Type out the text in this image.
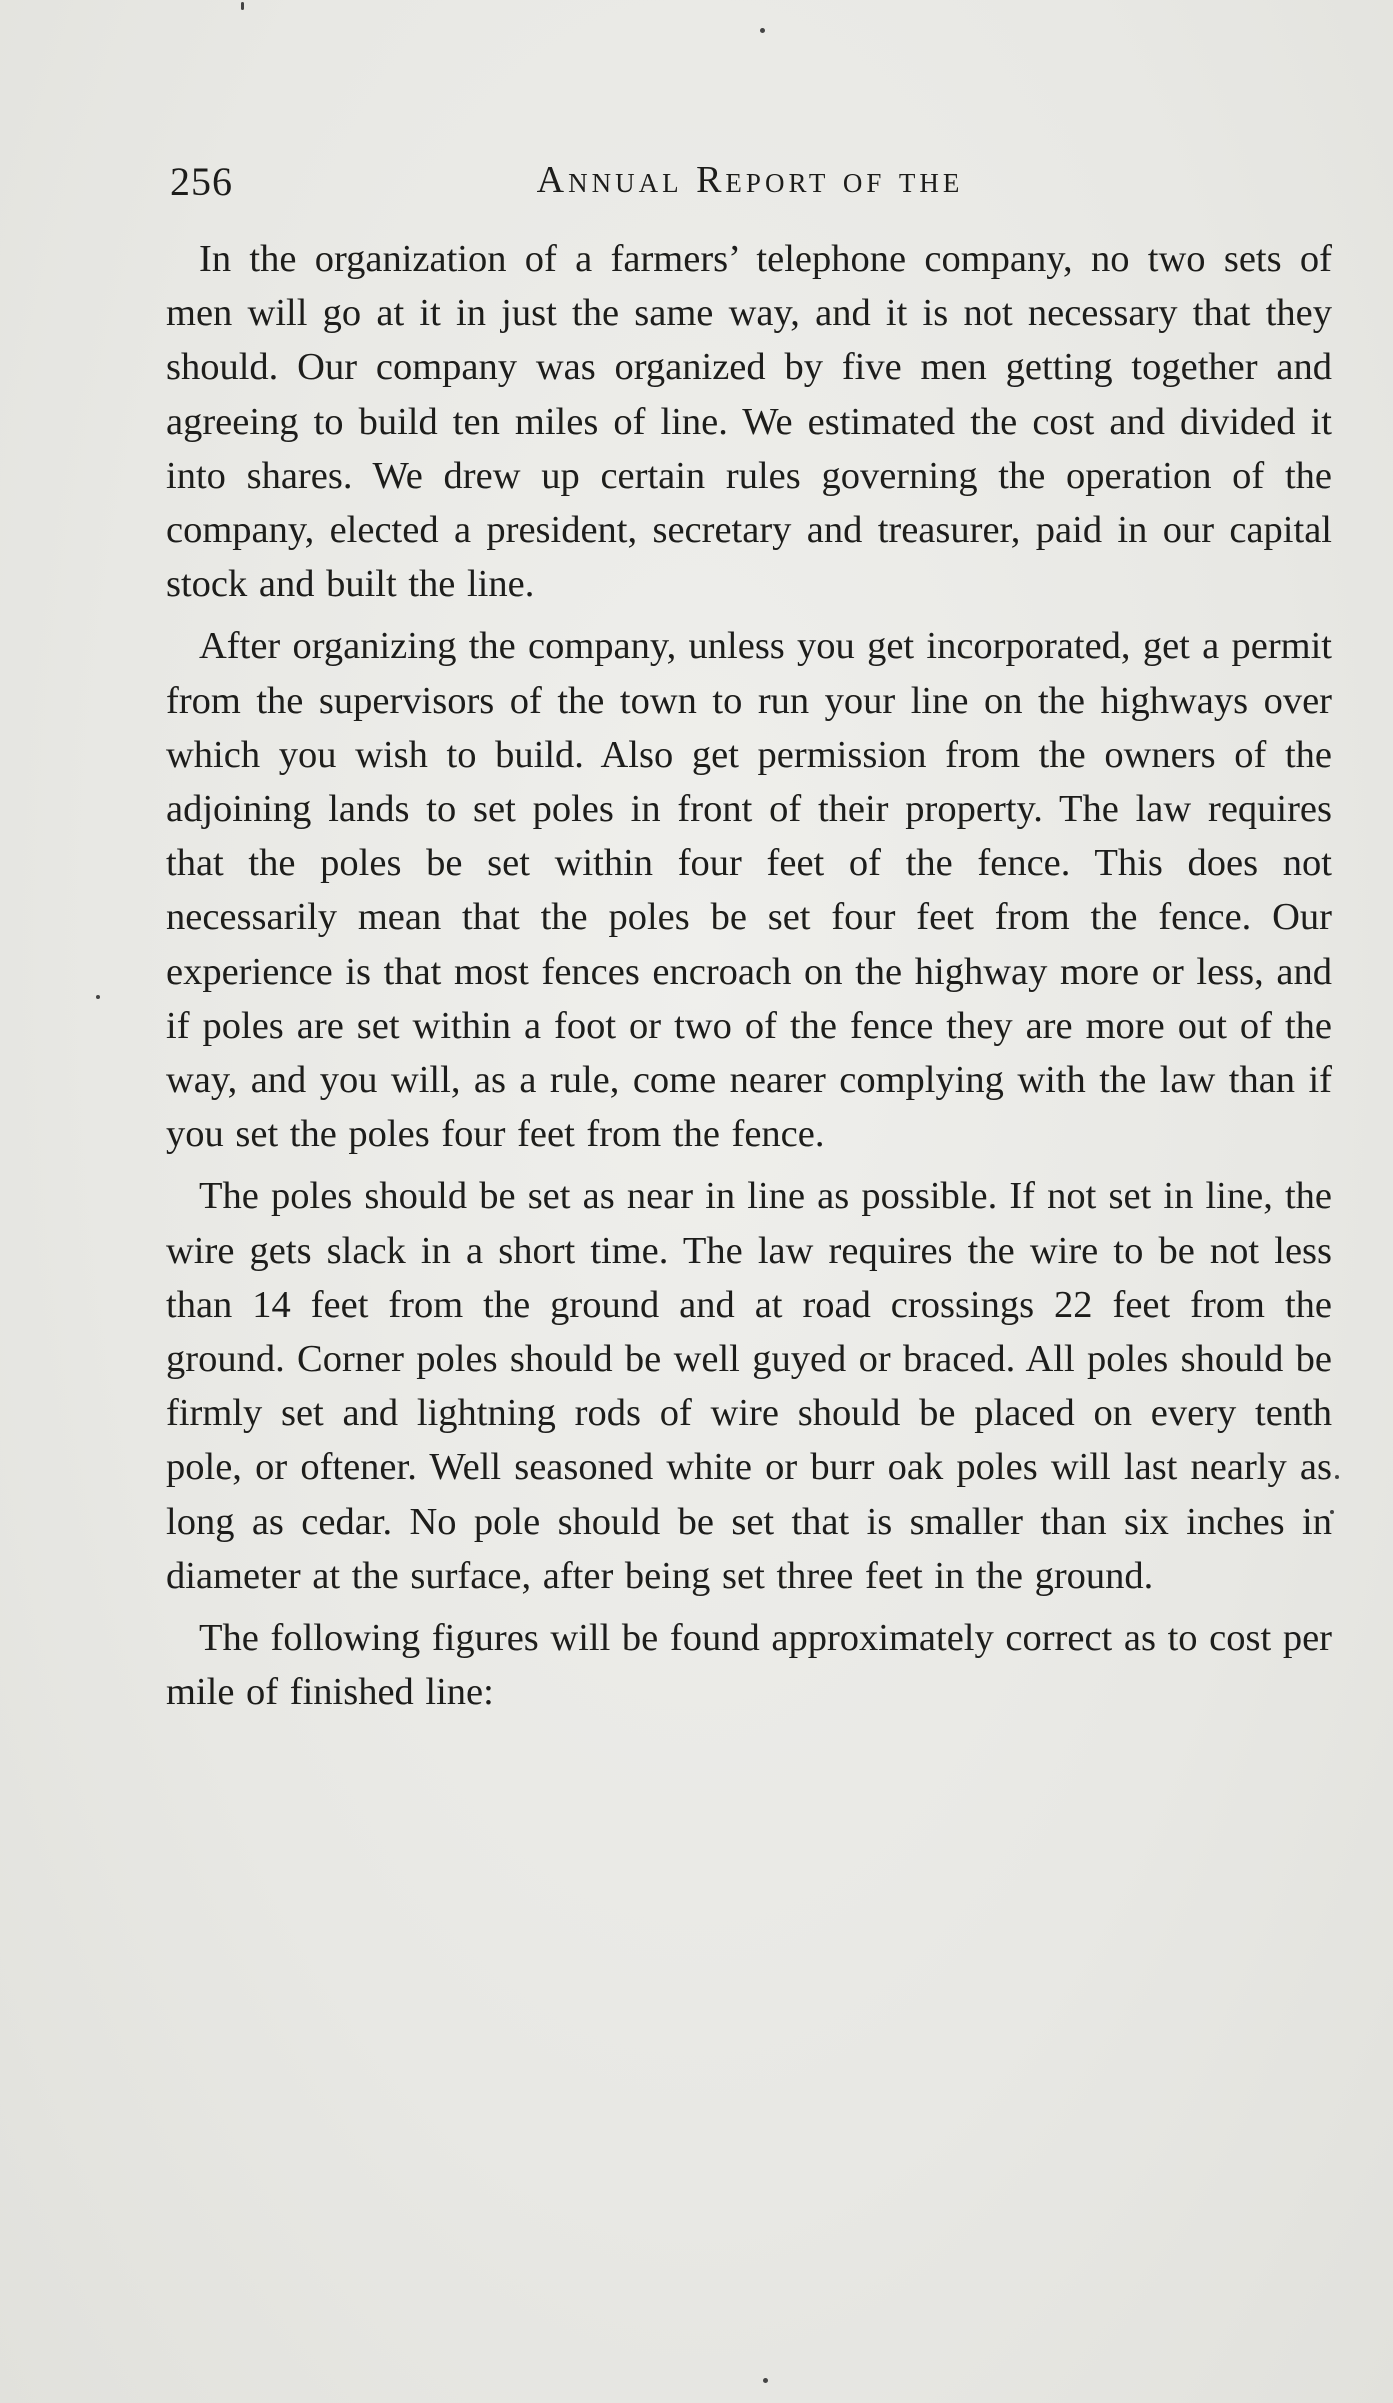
256	Annual Report of the

In the organization of a farmers’ telephone company, no two sets of men will go at it in just the same way, and it is not necessary that they should. Our company was organized by five men getting together and agreeing to build ten miles of line. We estimated the cost and divided it into shares. We drew up certain rules governing the operation of the company, elected a president, secretary and treasurer, paid in our capital stock and built the line.

After organizing the company, unless you get incorporated, get a permit from the supervisors of the town to run your line on the highways over which you wish to build. Also get permission from the owners of the adjoining lands to set poles in front of their property. The law requires that the poles be set within four feet of the fence. This does not necessarily mean that the poles be set four feet from the fence. Our experience is that most fences encroach on the highway more or less, and if poles are set within a foot or two of the fence they are more out of the way, and you will, as a rule, come nearer complying with the law than if you set the poles four feet from the fence.

The poles should be set as near in line as possible. If not set in line, the wire gets slack in a short time. The law requires the wire to be not less than 14 feet from the ground and at road crossings 22 feet from the ground. Corner poles should be well guyed or braced. All poles should be firmly set and lightning rods of wire should be placed on every tenth pole, or oftener. Well seasoned white or burr oak poles will last nearly as long as cedar. No pole should be set that is smaller than six inches in diameter at the surface, after being set three feet in the ground.

The following figures will be found approximately correct as to cost per mile of finished line:
